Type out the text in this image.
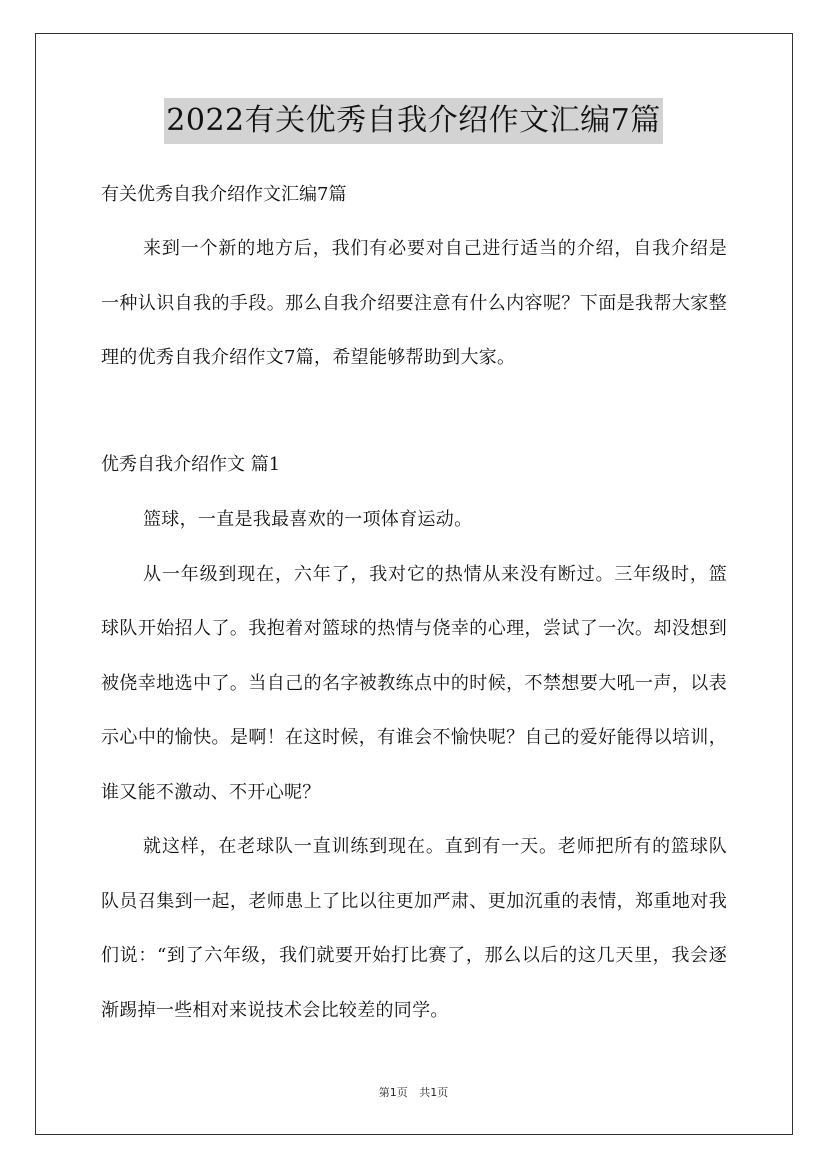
2022有关优秀自我介绍作文汇编7篇
有关优秀自我介绍作文汇编7篇
来到一个新的地方后，我们有必要对自己进行适当的介绍，自我介绍是一种认识自我的手段。那么自我介绍要注意有什么内容呢？下面是我帮大家整理的优秀自我介绍作文7篇，希望能够帮助到大家。
优秀自我介绍作文 篇1
篮球，一直是我最喜欢的一项体育运动。
从一年级到现在，六年了，我对它的热情从来没有断过。三年级时，篮球队开始招人了。我抱着对篮球的热情与侥幸的心理，尝试了一次。却没想到被侥幸地选中了。当自己的名字被教练点中的时候，不禁想要大吼一声，以表示心中的愉快。是啊！在这时候，有谁会不愉快呢？自己的爱好能得以培训，谁又能不激动、不开心呢？
就这样，在老球队一直训练到现在。直到有一天。老师把所有的篮球队队员召集到一起，老师患上了比以往更加严肃、更加沉重的表情，郑重地对我们说：“到了六年级，我们就要开始打比赛了，那么以后的这几天里，我会逐渐踢掉一些相对来说技术会比较差的同学。
第1页 共1页
